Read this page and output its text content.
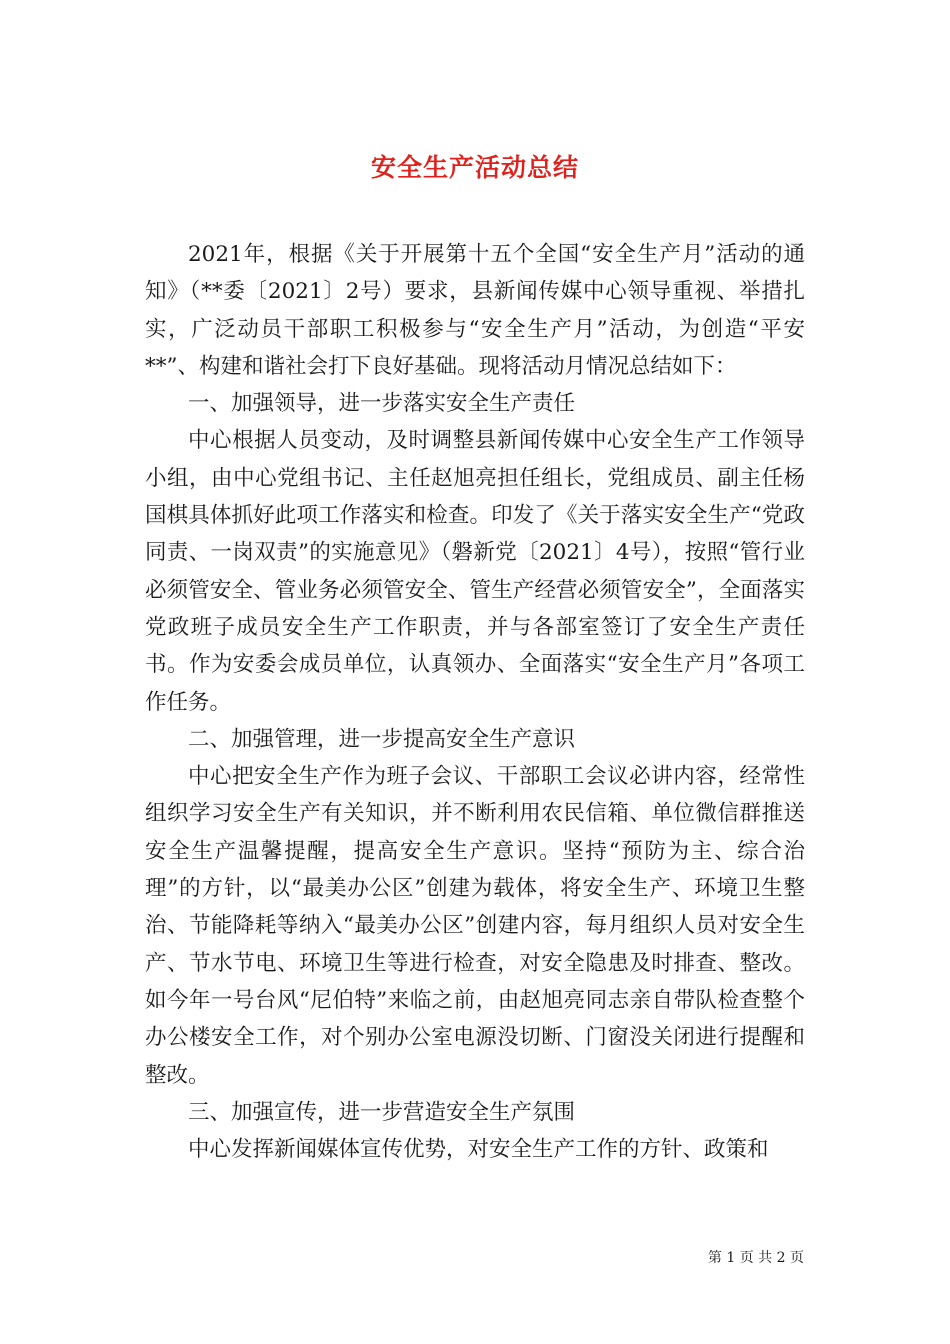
安全生产活动总结

2021年，根据《关于开展第十五个全国“安全生产月”活动的通知》（**委〔2021〕2号）要求，县新闻传媒中心领导重视、举措扎实，广泛动员干部职工积极参与“安全生产月”活动，为创造“平安**”、构建和谐社会打下良好基础。现将活动月情况总结如下：

一、加强领导，进一步落实安全生产责任

中心根据人员变动，及时调整县新闻传媒中心安全生产工作领导小组，由中心党组书记、主任赵旭亮担任组长，党组成员、副主任杨国棋具体抓好此项工作落实和检查。印发了《关于落实安全生产“党政同责、一岗双责”的实施意见》（磐新党〔2021〕4号），按照“管行业必须管安全、管业务必须管安全、管生产经营必须管安全”，全面落实党政班子成员安全生产工作职责，并与各部室签订了安全生产责任书。作为安委会成员单位，认真领办、全面落实“安全生产月”各项工作任务。

二、加强管理，进一步提高安全生产意识

中心把安全生产作为班子会议、干部职工会议必讲内容，经常性组织学习安全生产有关知识，并不断利用农民信箱、单位微信群推送安全生产温馨提醒，提高安全生产意识。坚持“预防为主、综合治理”的方针，以“最美办公区”创建为载体，将安全生产、环境卫生整治、节能降耗等纳入“最美办公区”创建内容，每月组织人员对安全生产、节水节电、环境卫生等进行检查，对安全隐患及时排查、整改。如今年一号台风“尼伯特”来临之前，由赵旭亮同志亲自带队检查整个办公楼安全工作，对个别办公室电源没切断、门窗没关闭进行提醒和整改。

三、加强宣传，进一步营造安全生产氛围

中心发挥新闻媒体宣传优势，对安全生产工作的方针、政策和

第 1 页 共 2 页
